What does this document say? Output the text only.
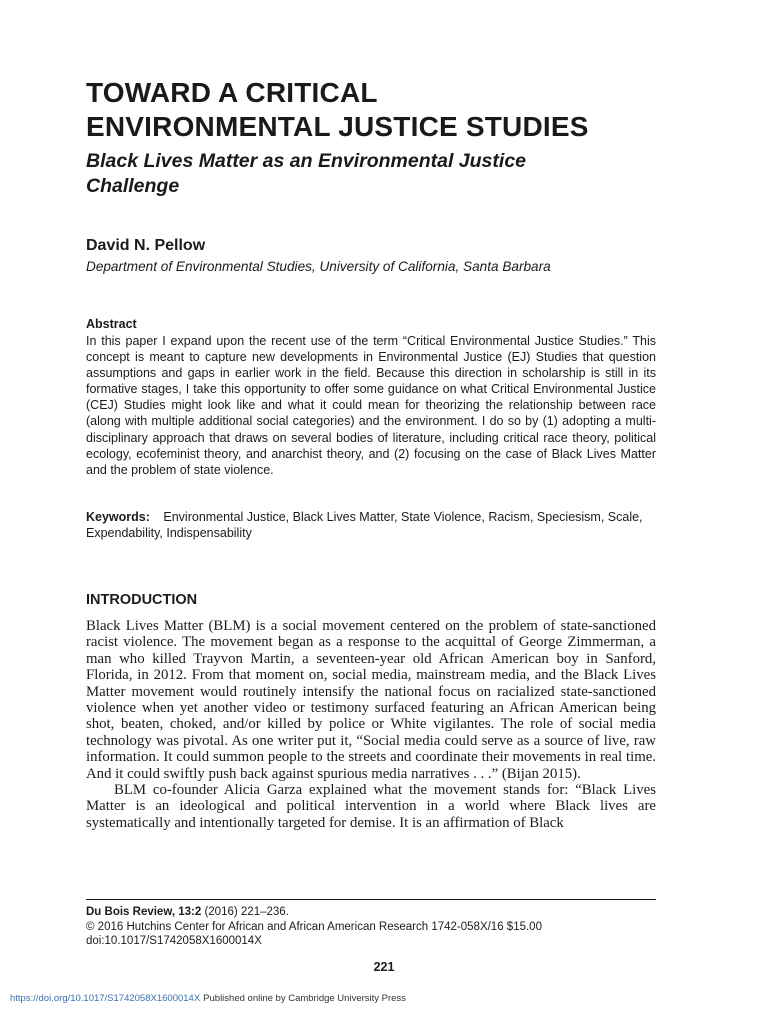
TOWARD A CRITICAL
ENVIRONMENTAL JUSTICE STUDIES
Black Lives Matter as an Environmental Justice
Challenge
David N. Pellow
Department of Environmental Studies, University of California, Santa Barbara
Abstract
In this paper I expand upon the recent use of the term “Critical Environmental Justice Studies.” This concept is meant to capture new developments in Environmental Justice (EJ) Studies that question assumptions and gaps in earlier work in the field. Because this direction in scholarship is still in its formative stages, I take this opportunity to offer some guidance on what Critical Environmental Justice (CEJ) Studies might look like and what it could mean for theorizing the relationship between race (along with multiple additional social categories) and the environment. I do so by (1) adopting a multi-disciplinary approach that draws on several bodies of literature, including critical race theory, political ecology, ecofeminist theory, and anarchist theory, and (2) focusing on the case of Black Lives Matter and the problem of state violence.
Keywords: Environmental Justice, Black Lives Matter, State Violence, Racism, Speciesism, Scale, Expendability, Indispensability
INTRODUCTION

Black Lives Matter (BLM) is a social movement centered on the problem of state-sanctioned racist violence. The movement began as a response to the acquittal of George Zimmerman, a man who killed Trayvon Martin, a seventeen-year old African American boy in Sanford, Florida, in 2012. From that moment on, social media, mainstream media, and the Black Lives Matter movement would routinely intensify the national focus on racialized state-sanctioned violence when yet another video or testimony surfaced featuring an African American being shot, beaten, choked, and/or killed by police or White vigilantes. The role of social media technology was pivotal. As one writer put it, “Social media could serve as a source of live, raw information. It could summon people to the streets and coordinate their movements in real time. And it could swiftly push back against spurious media narratives . . .” (Bijan 2015).

BLM co-founder Alicia Garza explained what the movement stands for: “Black Lives Matter is an ideological and political intervention in a world where Black lives are systematically and intentionally targeted for demise. It is an affirmation of Black

Du Bois Review, 13:2 (2016) 221–236.
© 2016 Hutchins Center for African and African American Research 1742-058X/16 $15.00
doi:10.1017/S1742058X1600014X
221
https://doi.org/10.1017/S1742058X1600014X Published online by Cambridge University Press
